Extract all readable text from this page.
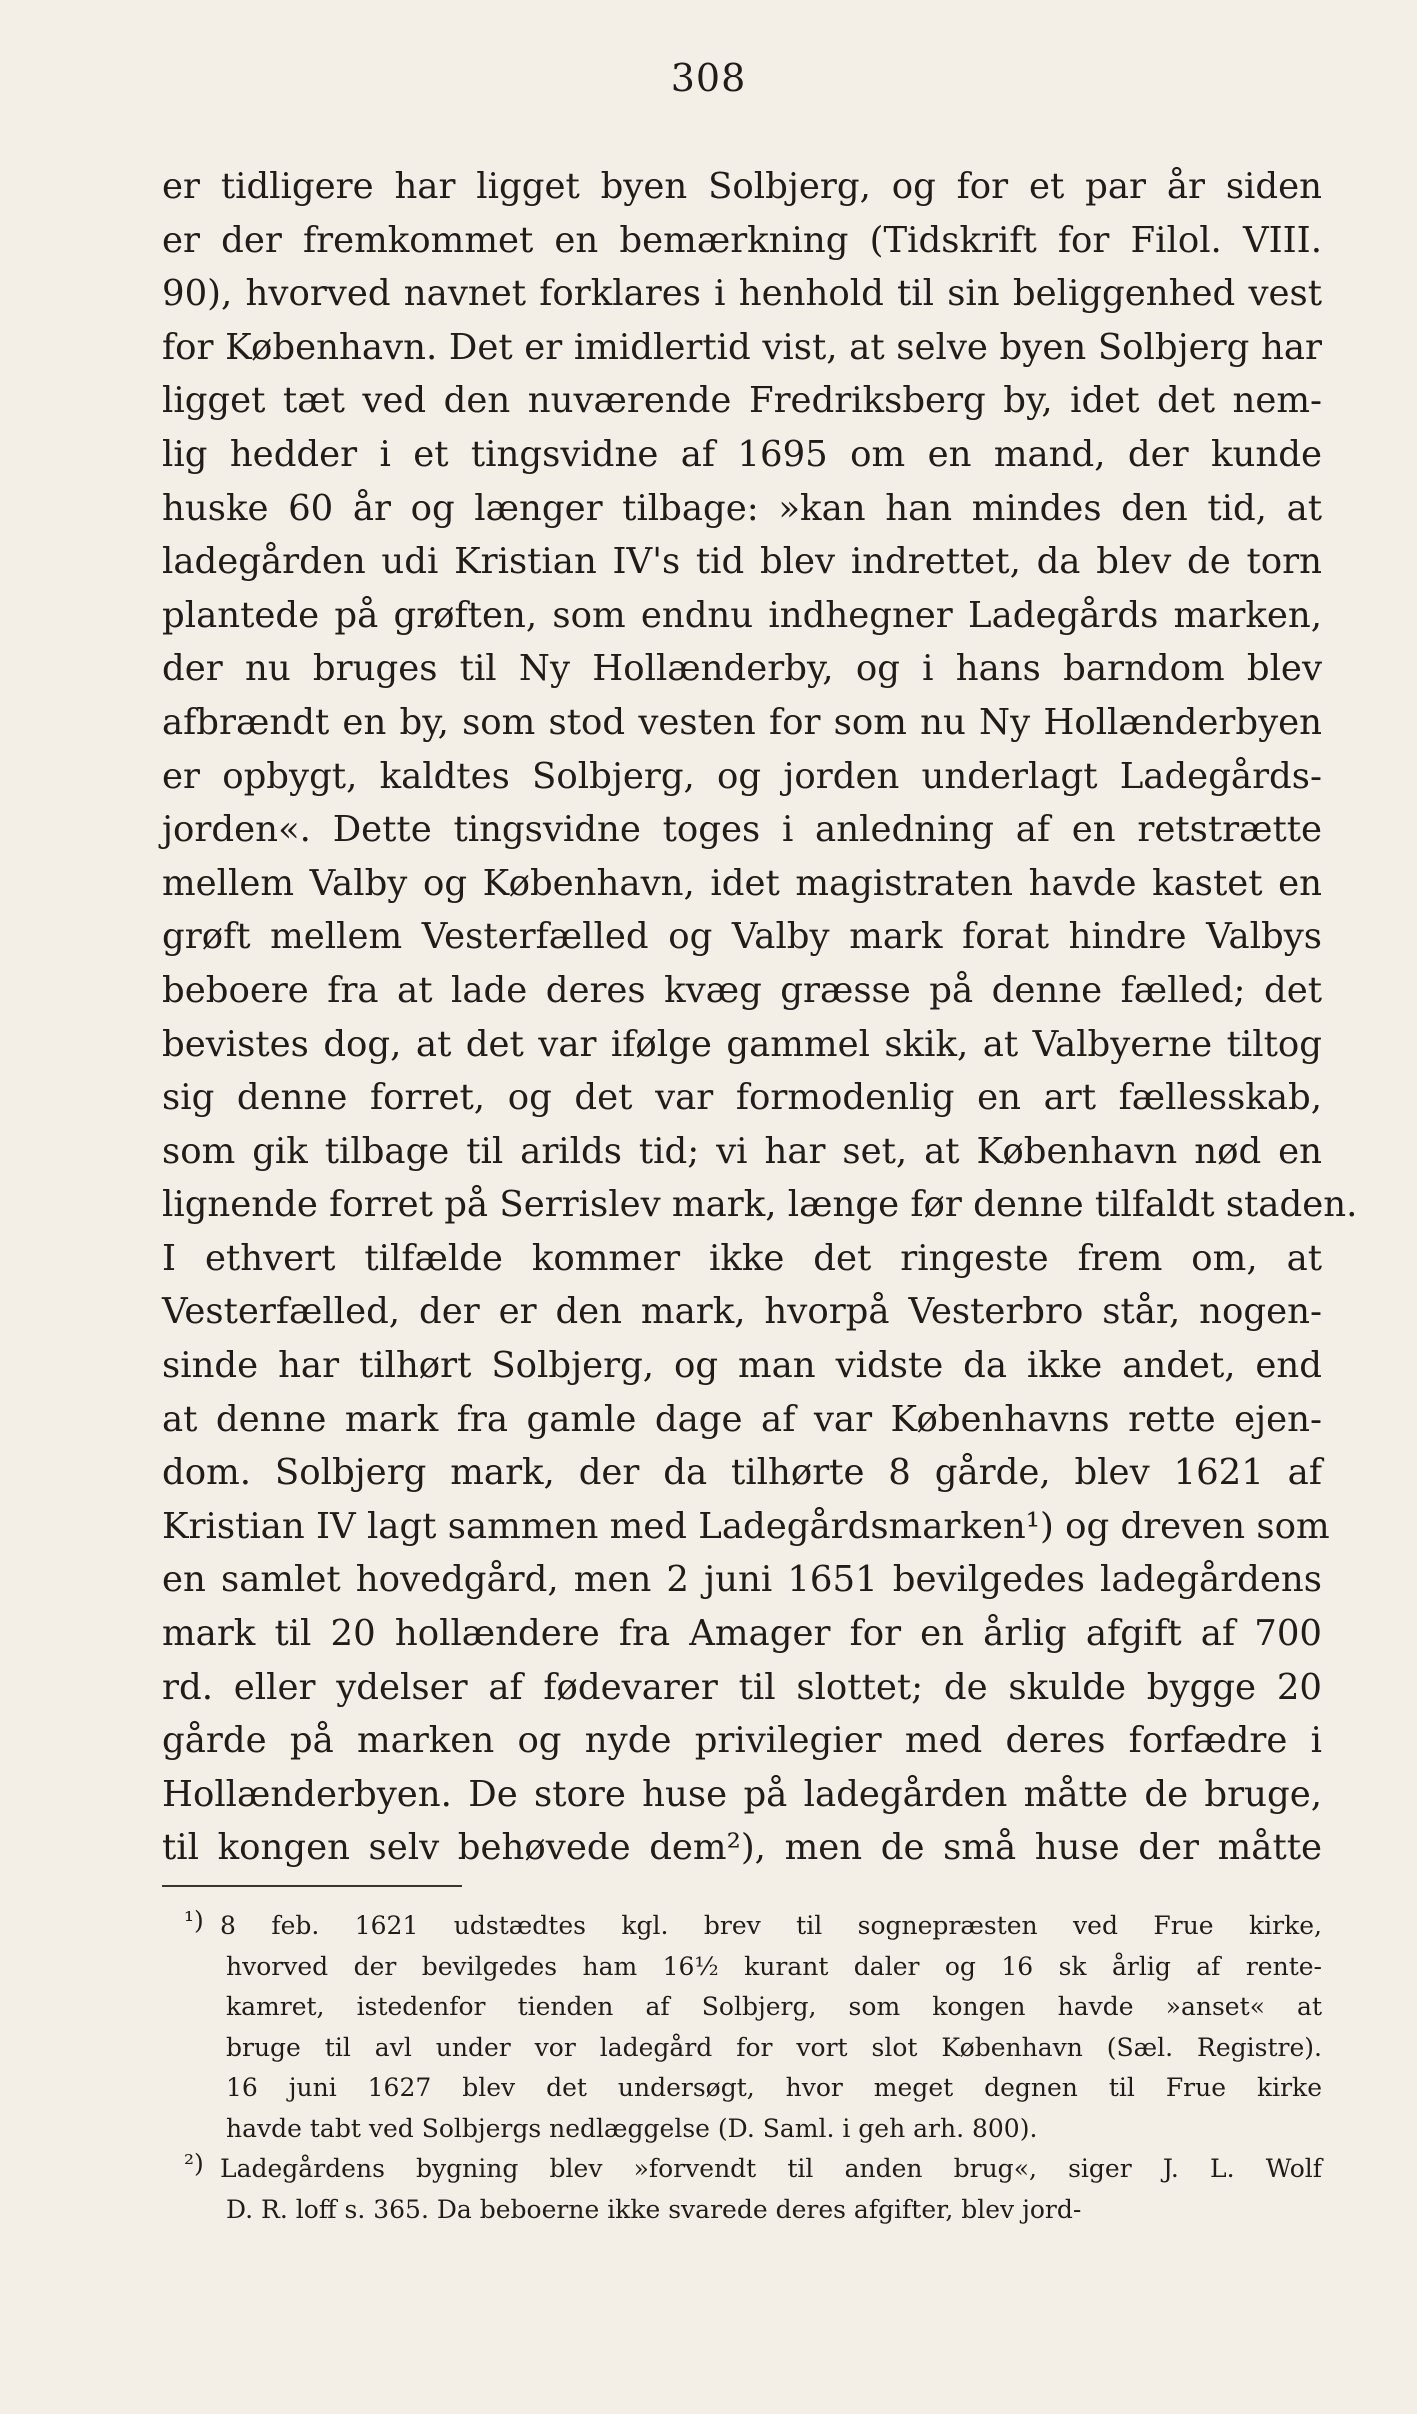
308
er tidligere har ligget byen Solbjerg, og for et par år siden
er der fremkommet en bemærkning (Tidskrift for Filol. VIII.
90), hvorved navnet forklares i henhold til sin beliggenhed vest
for København. Det er imidlertid vist, at selve byen Solbjerg har
ligget tæt ved den nuværende Fredriksberg by, idet det nem-
lig hedder i et tingsvidne af 1695 om en mand, der kunde
huske 60 år og længer tilbage: »kan han mindes den tid, at
ladegården udi Kristian IV's tid blev indrettet, da blev de torn
plantede på grøften, som endnu indhegner Ladegårds marken,
der nu bruges til Ny Hollænderby, og i hans barndom blev
afbrændt en by, som stod vesten for som nu Ny Hollænderbyen
er opbygt, kaldtes Solbjerg, og jorden underlagt Ladegårds-
jorden«. Dette tingsvidne toges i anledning af en retstrætte
mellem Valby og København, idet magistraten havde kastet en
grøft mellem Vesterfælled og Valby mark forat hindre Valbys
beboere fra at lade deres kvæg græsse på denne fælled; det
bevistes dog, at det var ifølge gammel skik, at Valbyerne tiltog
sig denne forret, og det var formodenlig en art fællesskab,
som gik tilbage til arilds tid; vi har set, at København nød en
lignende forret på Serrislev mark, længe før denne tilfaldt staden.
I ethvert tilfælde kommer ikke det ringeste frem om, at
Vesterfælled, der er den mark, hvorpå Vesterbro står, nogen-
sinde har tilhørt Solbjerg, og man vidste da ikke andet, end
at denne mark fra gamle dage af var Københavns rette ejen-
dom. Solbjerg mark, der da tilhørte 8 gårde, blev 1621 af
Kristian IV lagt sammen med Ladegårdsmarken¹) og dreven som
en samlet hovedgård, men 2 juni 1651 bevilgedes ladegårdens
mark til 20 hollændere fra Amager for en årlig afgift af 700
rd. eller ydelser af fødevarer til slottet; de skulde bygge 20
gårde på marken og nyde privilegier med deres forfædre i
Hollænderbyen. De store huse på ladegården måtte de bruge,
til kongen selv behøvede dem²), men de små huse der måtte
¹) 8 feb. 1621 udstædtes kgl. brev til sognepræsten ved Frue kirke,
hvorved der bevilgedes ham 16½ kurant daler og 16 sk årlig af rente-
kamret, istedenfor tienden af Solbjerg, som kongen havde »anset« at
bruge til avl under vor ladegård for vort slot København (Sæl. Registre).
16 juni 1627 blev det undersøgt, hvor meget degnen til Frue kirke
havde tabt ved Solbjergs nedlæggelse (D. Saml. i geh arh. 800).
²) Ladegårdens bygning blev »forvendt til anden brug«, siger J. L. Wolf
D. R. loff s. 365. Da beboerne ikke svarede deres afgifter, blev jord-
